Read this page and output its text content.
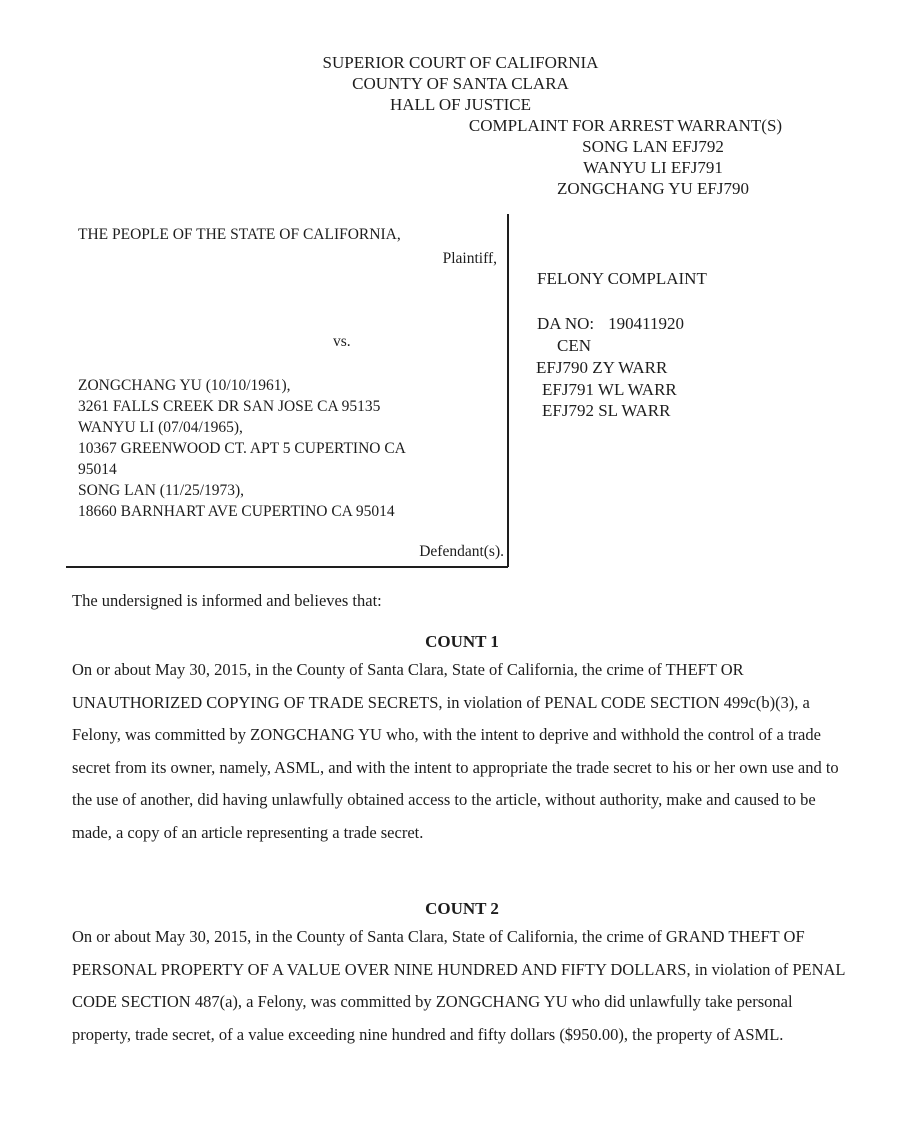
SUPERIOR COURT OF CALIFORNIA
COUNTY OF SANTA CLARA
HALL OF JUSTICE
COMPLAINT FOR ARREST WARRANT(S)
SONG LAN EFJ792
WANYU LI EFJ791
ZONGCHANG YU EFJ790
THE PEOPLE OF THE STATE OF CALIFORNIA,
Plaintiff,
vs.
ZONGCHANG YU (10/10/1961),
3261 FALLS CREEK DR SAN JOSE CA 95135
WANYU LI (07/04/1965),
10367 GREENWOOD CT. APT 5 CUPERTINO CA
95014
SONG LAN (11/25/1973),
18660 BARNHART AVE CUPERTINO CA 95014
Defendant(s).
FELONY COMPLAINT
DA NO: 190411920
CEN
EFJ790 ZY WARR
EFJ791 WL WARR
EFJ792 SL WARR

The undersigned is informed and believes that:

COUNT 1

On or about May 30, 2015, in the County of Santa Clara, State of California, the crime of THEFT OR UNAUTHORIZED COPYING OF TRADE SECRETS, in violation of PENAL CODE SECTION 499c(b)(3), a Felony, was committed by ZONGCHANG YU who, with the intent to deprive and withhold the control of a trade secret from its owner, namely, ASML, and with the intent to appropriate the trade secret to his or her own use and to the use of another, did having unlawfully obtained access to the article, without authority, make and caused to be made, a copy of an article representing a trade secret.

COUNT 2

On or about May 30, 2015, in the County of Santa Clara, State of California, the crime of GRAND THEFT OF PERSONAL PROPERTY OF A VALUE OVER NINE HUNDRED AND FIFTY DOLLARS, in violation of PENAL CODE SECTION 487(a), a Felony, was committed by ZONGCHANG YU who did unlawfully take personal property, trade secret, of a value exceeding nine hundred and fifty dollars ($950.00), the property of ASML.
